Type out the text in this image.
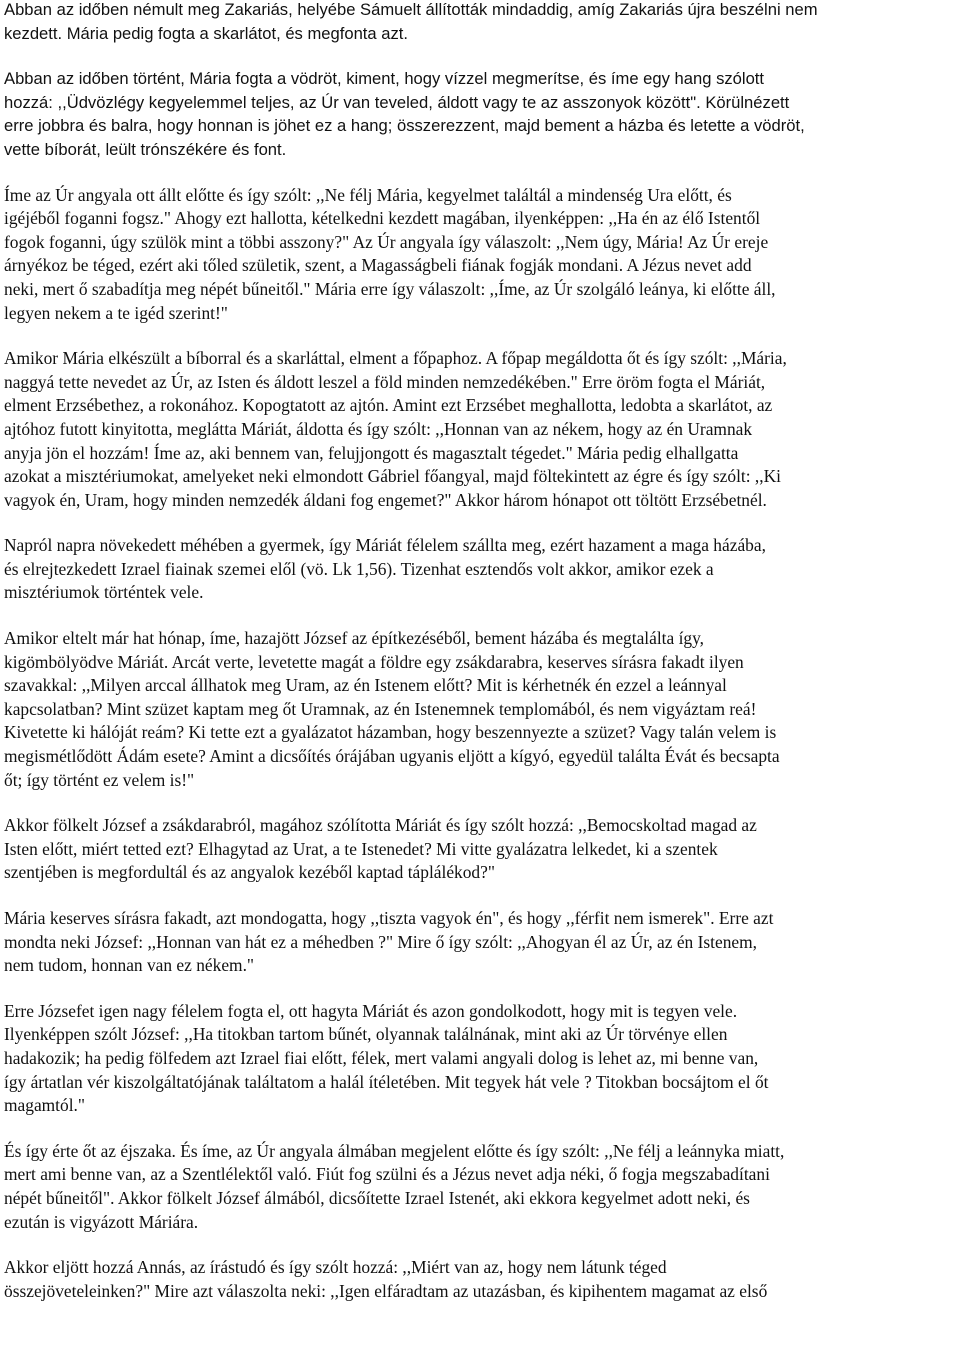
Abban az időben némult meg Zakariás, helyébe Sámuelt állították mindaddig, amíg Zakariás újra beszélni nem
kezdett. Mária pedig fogta a skarlátot, és megfonta azt.
Abban az időben történt, Mária fogta a vödröt, kiment, hogy vízzel megmerítse, és íme egy hang szólott
hozzá: ,,Üdvözlégy kegyelemmel teljes, az Úr van teveled, áldott vagy te az asszonyok között". Körülnézett
erre jobbra és balra, hogy honnan is jöhet ez a hang; összerezzent, majd bement a házba és letette a vödröt,
vette bíborát, leült trónszékére és font.
Íme az Úr angyala ott állt előtte és így szólt: ,,Ne félj Mária, kegyelmet találtál a mindenség Ura előtt, és
igéjéből foganni fogsz." Ahogy ezt hallotta, kételkedni kezdett magában, ilyenképpen: ,,Ha én az élő Istentől
fogok foganni, úgy szülök mint a többi asszony?" Az Úr angyala így válaszolt: ,,Nem úgy, Mária! Az Úr ereje
árnyékoz be téged, ezért aki tőled születik, szent, a Magasságbeli fiának fogják mondani. A Jézus nevet add
neki, mert ő szabadítja meg népét bűneitől." Mária erre így válaszolt: ,,Íme, az Úr szolgáló leánya, ki előtte áll,
legyen nekem a te igéd szerint!"
Amikor Mária elkészült a bíborral és a skarláttal, elment a főpaphoz. A főpap megáldotta őt és így szólt: ,,Mária,
naggyá tette nevedet az Úr, az Isten és áldott leszel a föld minden nemzedékében." Erre öröm fogta el Máriát,
elment Erzsébethez, a rokonához. Kopogtatott az ajtón. Amint ezt Erzsébet meghallotta, ledobta a skarlátot, az
ajtóhoz futott kinyitotta, meglátta Máriát, áldotta és így szólt: ,,Honnan van az nékem, hogy az én Uramnak
anyja jön el hozzám! Íme az, aki bennem van, felujjongott és magasztalt tégedet." Mária pedig elhallgatta
azokat a misztériumokat, amelyeket neki elmondott Gábriel főangyal, majd föltekintett az égre és így szólt: ,,Ki
vagyok én, Uram, hogy minden nemzedék áldani fog engemet?" Akkor három hónapot ott töltött Erzsébetnél.
Napról napra növekedett méhében a gyermek, így Máriát félelem szállta meg, ezért hazament a maga házába,
és elrejtezkedett Izrael fiainak szemei elől (vö. Lk 1,56). Tizenhat esztendős volt akkor, amikor ezek a
misztériumok történtek vele.
Amikor eltelt már hat hónap, íme, hazajött József az építkezéséből, bement házába és megtalálta így,
kigömbölyödve Máriát. Arcát verte, levetette magát a földre egy zsákdarabra, keserves sírásra fakadt ilyen
szavakkal: ,,Milyen arccal állhatok meg Uram, az én Istenem előtt? Mit is kérhetnék én ezzel a leánnyal
kapcsolatban? Mint szüzet kaptam meg őt Uramnak, az én Istenemnek templomából, és nem vigyáztam reá!
Kivetette ki hálóját reám? Ki tette ezt a gyalázatot házamban, hogy beszennyezte a szüzet? Vagy talán velem is
megismétlődött Ádám esete? Amint a dicsőítés órájában ugyanis eljött a kígyó, egyedül találta Évát és becsapta
őt; így történt ez velem is!"
Akkor fölkelt József a zsákdarabról, magához szólította Máriát és így szólt hozzá: ,,Bemocskoltad magad az
Isten előtt, miért tetted ezt? Elhagytad az Urat, a te Istenedet? Mi vitte gyalázatra lelkedet, ki a szentek
szentjében is megfordultál és az angyalok kezéből kaptad táplálékod?"
Mária keserves sírásra fakadt, azt mondogatta, hogy ,,tiszta vagyok én", és hogy ,,férfit nem ismerek". Erre azt
mondta neki József: ,,Honnan van hát ez a méhedben ?" Mire ő így szólt: ,,Ahogyan él az Úr, az én Istenem,
nem tudom, honnan van ez nékem."
Erre Józsefet igen nagy félelem fogta el, ott hagyta Máriát és azon gondolkodott, hogy mit is tegyen vele.
Ilyenképpen szólt József: ,,Ha titokban tartom bűnét, olyannak találnának, mint aki az Úr törvénye ellen
hadakozik; ha pedig fölfedem azt Izrael fiai előtt, félek, mert valami angyali dolog is lehet az, mi benne van,
így ártatlan vér kiszolgáltatójának találtatom a halál ítéletében. Mit tegyek hát vele ? Titokban bocsájtom el őt
magamtól."
És így érte őt az éjszaka. És íme, az Úr angyala álmában megjelent előtte és így szólt: ,,Ne félj a leánnyka miatt,
mert ami benne van, az a Szentlélektől való. Fiút fog szülni és a Jézus nevet adja néki, ő fogja megszabadítani
népét bűneitől". Akkor fölkelt József álmából, dicsőítette Izrael Istenét, aki ekkora kegyelmet adott neki, és
ezután is vigyázott Máriára.
Akkor eljött hozzá Annás, az írástudó és így szólt hozzá: ,,Miért van az, hogy nem látunk téged
összejöveteleinken?" Mire azt válaszolta neki: ,,Igen elfáradtam az utazásban, és kipihentem magamat az első
